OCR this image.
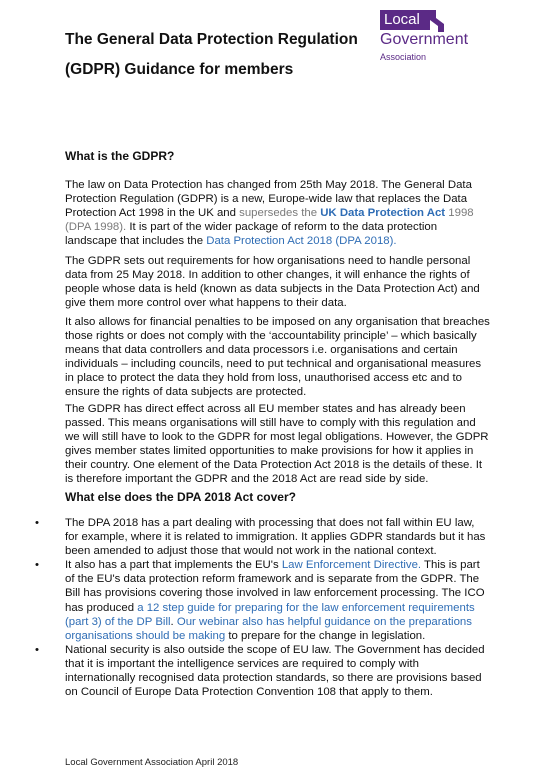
Local
Government
Association
The General Data Protection Regulation
(GDPR) Guidance for members
What is the GDPR?
The law on Data Protection has changed from 25th May 2018. The General Data Protection Regulation (GDPR) is a new, Europe-wide law that replaces the Data Protection Act 1998 in the UK and supersedes the UK Data Protection Act 1998 (DPA 1998). It is part of the wider package of reform to the data protection landscape that includes the Data Protection Act 2018 (DPA 2018).
The GDPR sets out requirements for how organisations need to handle personal data from 25 May 2018. In addition to other changes, it will enhance the rights of people whose data is held (known as data subjects in the Data Protection Act) and give them more control over what happens to their data.
It also allows for financial penalties to be imposed on any organisation that breaches those rights or does not comply with the ‘accountability principle’ – which basically means that data controllers and data processors i.e. organisations and certain individuals – including councils, need to put technical and organisational measures in place to protect the data they hold from loss, unauthorised access etc and to ensure the rights of data subjects are protected.
The GDPR has direct effect across all EU member states and has already been passed. This means organisations will still have to comply with this regulation and we will still have to look to the GDPR for most legal obligations. However, the GDPR gives member states limited opportunities to make provisions for how it applies in their country. One element of the Data Protection Act 2018 is the details of these. It is therefore important the GDPR and the 2018 Act are read side by side.
What else does the DPA 2018 Act cover?
•	The DPA 2018 has a part dealing with processing that does not fall within EU law, for example, where it is related to immigration. It applies GDPR standards but it has been amended to adjust those that would not work in the national context.
•	It also has a part that implements the EU's Law Enforcement Directive. This is part of the EU's data protection reform framework and is separate from the GDPR. The Bill has provisions covering those involved in law enforcement processing. The ICO has produced a 12 step guide for preparing for the law enforcement requirements (part 3) of the DP Bill. Our webinar also has helpful guidance on the preparations organisations should be making to prepare for the change in legislation.
•	National security is also outside the scope of EU law. The Government has decided that it is important the intelligence services are required to comply with internationally recognised data protection standards, so there are provisions based on Council of Europe Data Protection Convention 108 that apply to them.
Local Government Association April 2018
